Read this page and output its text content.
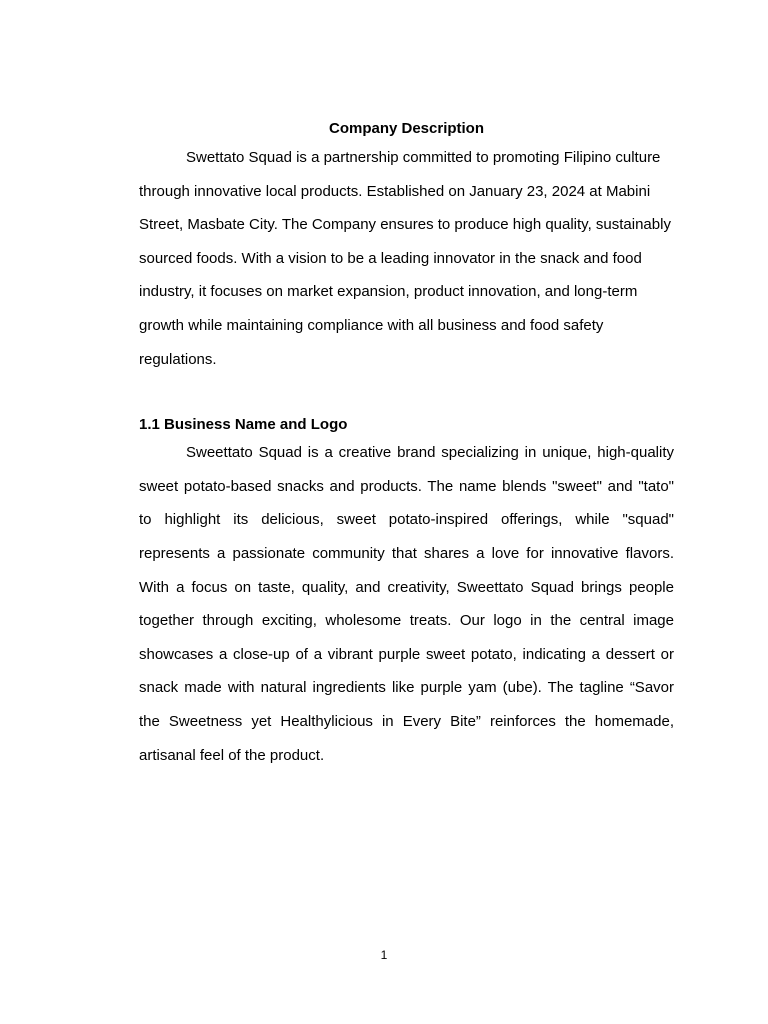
Company Description

Swettato Squad is a partnership committed to promoting Filipino culture through innovative local products. Established on January 23, 2024 at Mabini Street, Masbate City. The Company ensures to produce high quality, sustainably sourced foods. With a vision to be a leading innovator in the snack and food industry, it focuses on market expansion, product innovation, and long-term growth while maintaining compliance with all business and food safety regulations.

1.1 Business Name and Logo

Sweettato Squad is a creative brand specializing in unique, high-quality sweet potato-based snacks and products. The name blends "sweet" and "tato" to highlight its delicious, sweet potato-inspired offerings, while "squad" represents a passionate community that shares a love for innovative flavors. With a focus on taste, quality, and creativity, Sweettato Squad brings people together through exciting, wholesome treats. Our logo in the central image showcases a close-up of a vibrant purple sweet potato, indicating a dessert or snack made with natural ingredients like purple yam (ube). The tagline “Savor the Sweetness yet Healthylicious in Every Bite” reinforces the homemade, artisanal feel of the product.

1
